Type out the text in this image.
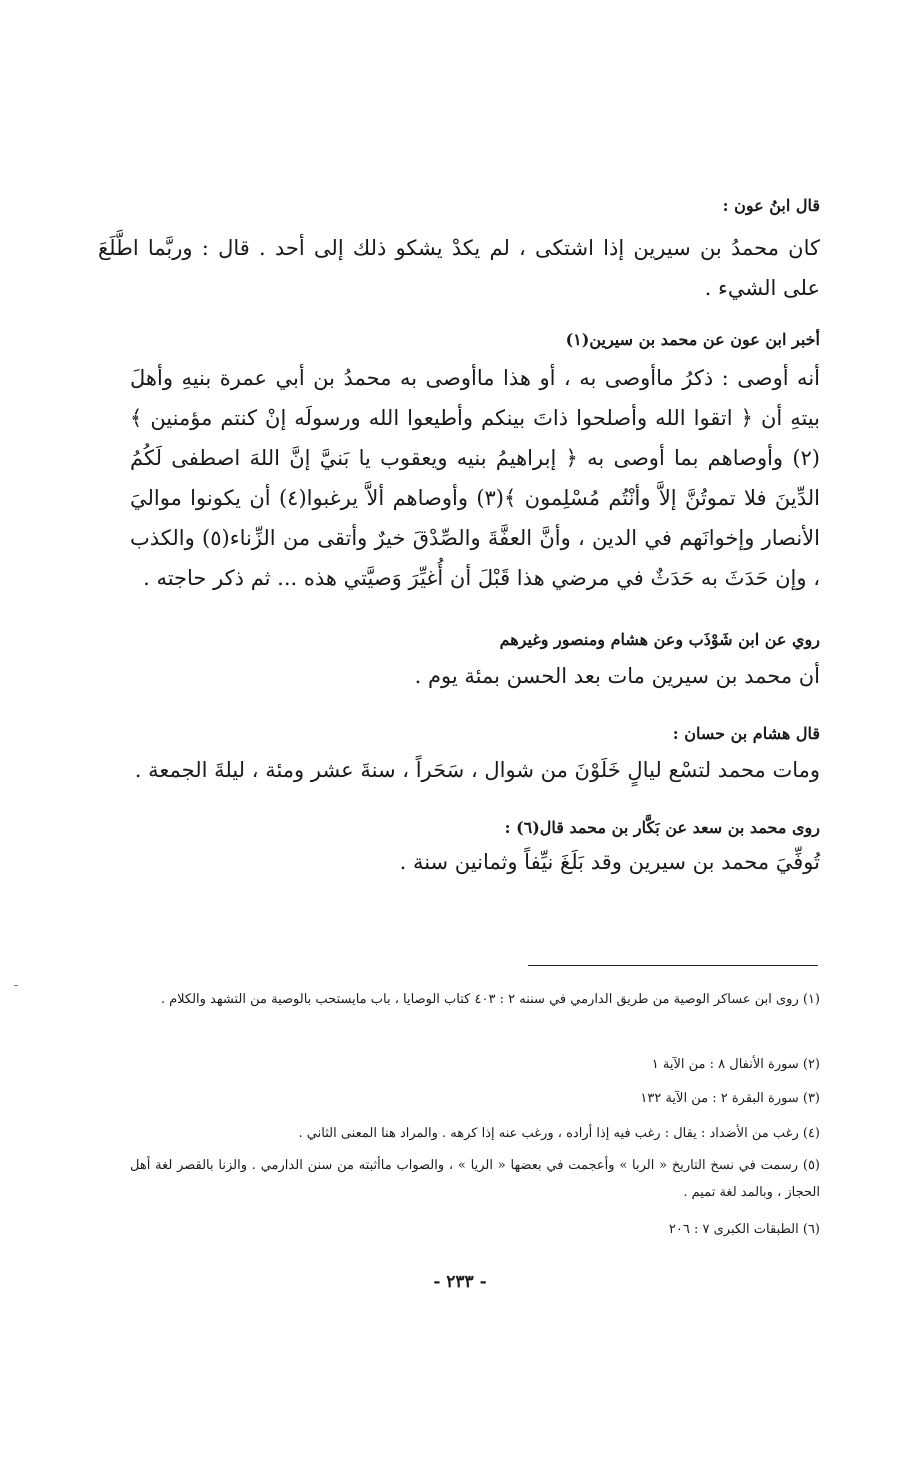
قال ابنُ عون :
كان محمدُ بن سيرين إذا اشتكى ، لم يكدْ يشكو ذلك إلى أحد . قال : وربَّما اطَّلَعَ على الشيء .
أخبر ابن عون عن محمد بن سيرين(١)
أنه أوصى : ذكرُ ماأوصى به ، أو هذا ماأوصى به محمدُ بن أبي عمرة بنيهِ وأهلَ بيتهِ أن ﴿ اتقوا الله وأصلحوا ذاتَ بينكم وأطيعوا الله ورسولَه إنْ كنتم مؤمنين ﴾(٢) وأوصاهم بما أوصى به ﴿ إبراهيمُ بنيه ويعقوب يا بَنيَّ إنَّ اللهَ اصطفى لَكُمُ الدِّينَ فلا تموتُنَّ إلاَّ وأنْتُم مُسْلِمون ﴾(٣) وأوصاهم ألاَّ يرغبوا(٤) أن يكونوا مواليَ الأنصار وإخوانَهم في الدين ، وأنَّ العفَّةَ والصِّدْقَ خيرٌ وأتقى من الزِّناء(٥) والكذب ، وإن حَدَثَ به حَدَثٌ في مرضي هذا قَبْلَ أن أُغيِّرَ وَصيَّتي هذه ... ثم ذكر حاجته .
روي عن ابن شَوْذَب وعن هشام ومنصور وغيرهم
أن محمد بن سيرين مات بعد الحسن بمئة يوم .
قال هشام بن حسان :
ومات محمد لتسْع ليالٍ خَلَوْنَ من شوال ، سَحَراً ، سنةَ عشر ومئة ، ليلةَ الجمعة .
روى محمد بن سعد عن بَكَّار بن محمد قال(٦) :
تُوفِّيَ محمد بن سيرين وقد بَلَغَ نيِّفاً وثمانين سنة .
(١) روى ابن عساكر الوصية من طريق الدارمي في سننه ٢ : ٤٠٣ كتاب الوصايا ، باب مايستحب بالوصية من التشهد والكلام .
(٢) سورة الأنفال ٨ : من الآية ١
(٣) سورة البقرة ٢ : من الآية ١٣٢
(٤) رغب من الأضداد : يقال : رغب فيه إذا أراده ، ورغب عنه إذا كرهه . والمراد هنا المعنى الثاني .
(٥) رسمت في نسخ التاريخ « الربا » وأعجمت في بعضها « الريا » ، والصواب ماأثبته من سنن الدارمي . والزنا بالقصر لغة أهل الحجاز ، وبالمد لغة تميم .
(٦) الطبقات الكبرى ٧ : ٢٠٦
- ٢٣٣ -
